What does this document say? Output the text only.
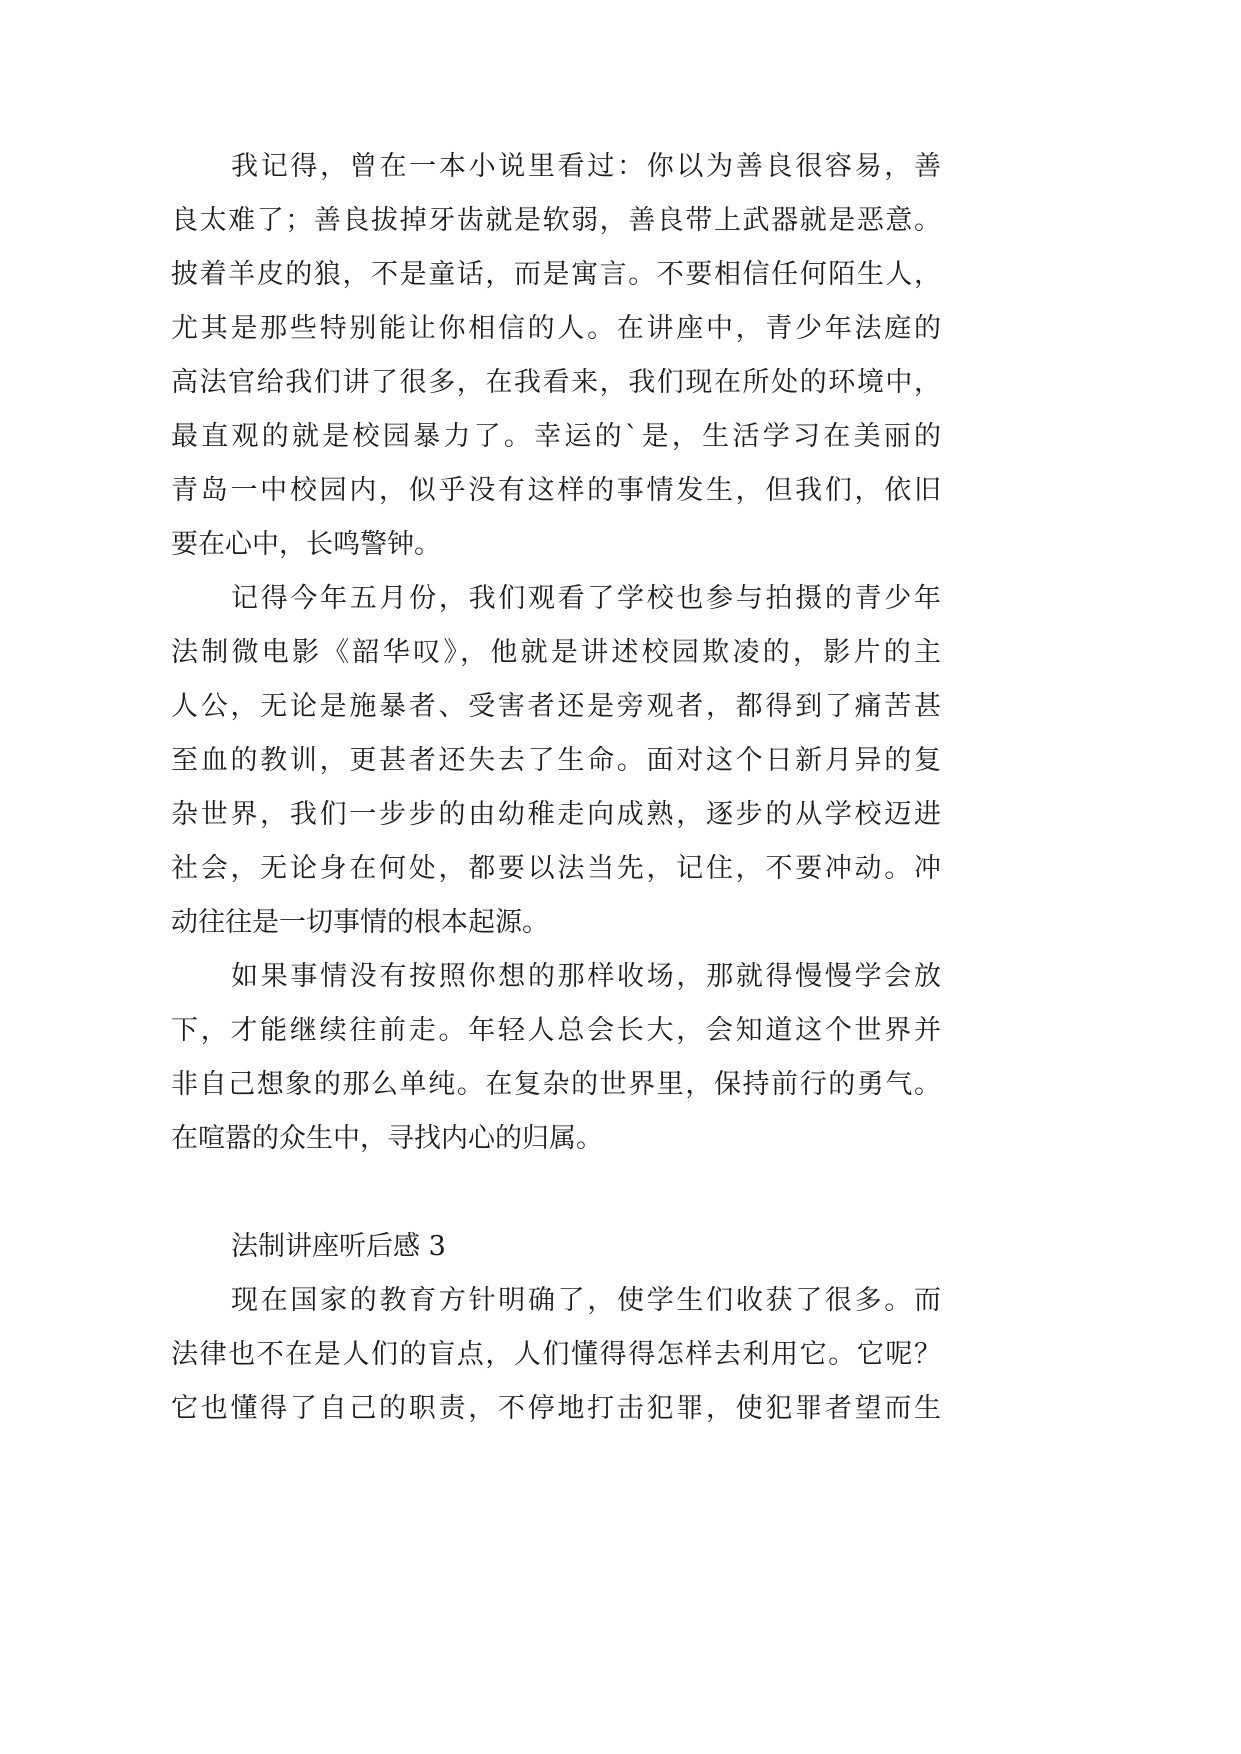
我记得，曾在一本小说里看过：你以为善良很容易，善
良太难了；善良拔掉牙齿就是软弱，善良带上武器就是恶意。
披着羊皮的狼，不是童话，而是寓言。不要相信任何陌生人，
尤其是那些特别能让你相信的人。在讲座中，青少年法庭的
高法官给我们讲了很多，在我看来，我们现在所处的环境中，
最直观的就是校园暴力了。幸运的`是，生活学习在美丽的
青岛一中校园内，似乎没有这样的事情发生，但我们，依旧
要在心中，长鸣警钟。
记得今年五月份，我们观看了学校也参与拍摄的青少年
法制微电影《韶华叹》，他就是讲述校园欺凌的，影片的主
人公，无论是施暴者、受害者还是旁观者，都得到了痛苦甚
至血的教训，更甚者还失去了生命。面对这个日新月异的复
杂世界，我们一步步的由幼稚走向成熟，逐步的从学校迈进
社会，无论身在何处，都要以法当先，记住，不要冲动。冲
动往往是一切事情的根本起源。
如果事情没有按照你想的那样收场，那就得慢慢学会放
下，才能继续往前走。年轻人总会长大，会知道这个世界并
非自己想象的那么单纯。在复杂的世界里，保持前行的勇气。
在喧嚣的众生中，寻找内心的归属。
法制讲座听后感 3
现在国家的教育方针明确了，使学生们收获了很多。而
法律也不在是人们的盲点，人们懂得得怎样去利用它。它呢？
它也懂得了自己的职责，不停地打击犯罪，使犯罪者望而生
